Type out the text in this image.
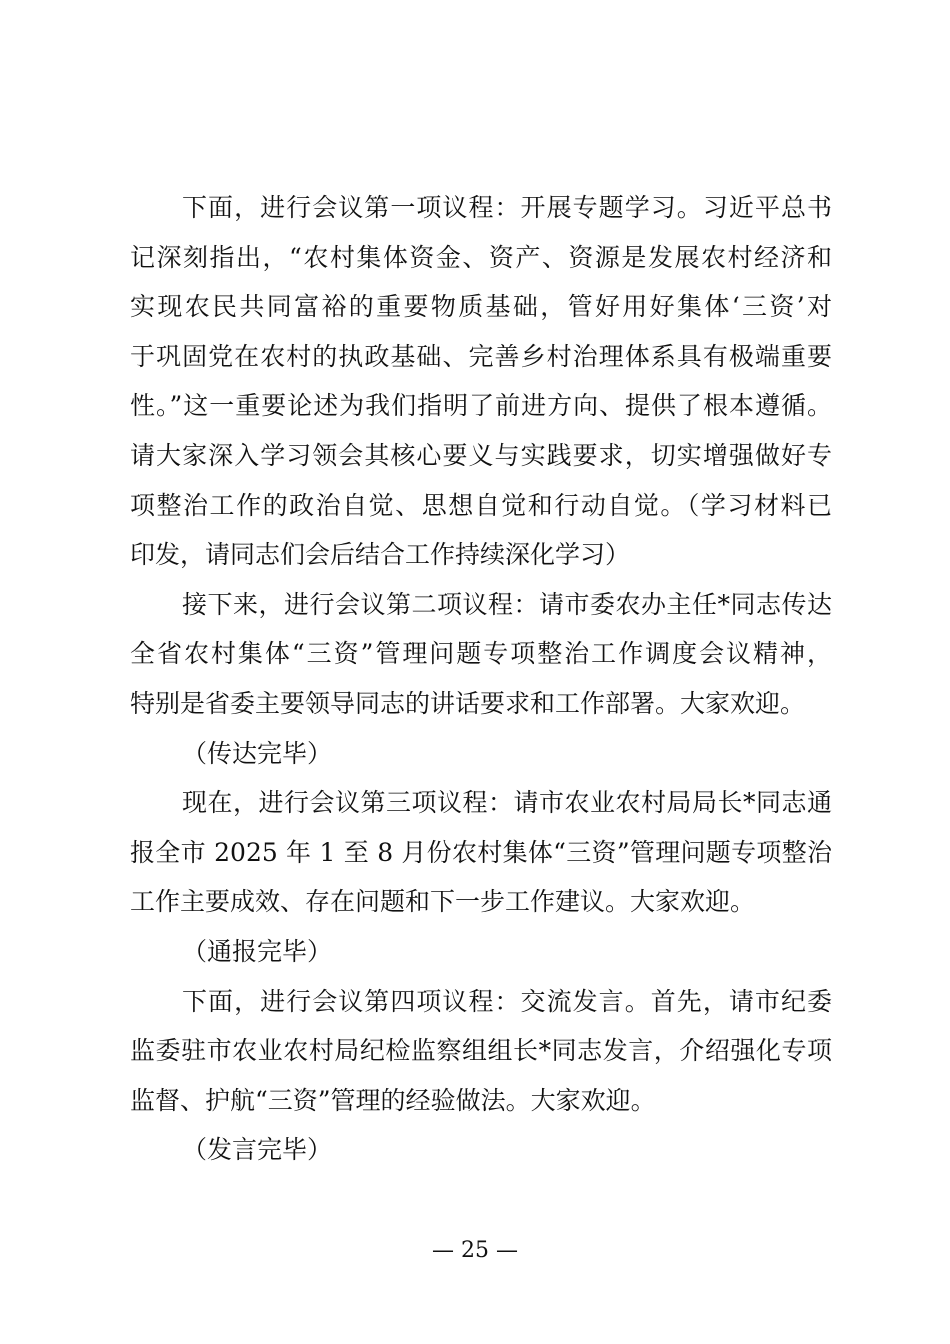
下面，进行会议第一项议程：开展专题学习。习近平总书
记深刻指出，“农村集体资金、资产、资源是发展农村经济和
实现农民共同富裕的重要物质基础，管好用好集体‘三资’对
于巩固党在农村的执政基础、完善乡村治理体系具有极端重要
性。”这一重要论述为我们指明了前进方向、提供了根本遵循。
请大家深入学习领会其核心要义与实践要求，切实增强做好专
项整治工作的政治自觉、思想自觉和行动自觉。（学习材料已
印发，请同志们会后结合工作持续深化学习）
接下来，进行会议第二项议程：请市委农办主任*同志传达
全省农村集体“三资”管理问题专项整治工作调度会议精神，
特别是省委主要领导同志的讲话要求和工作部署。大家欢迎。
（传达完毕）
现在，进行会议第三项议程：请市农业农村局局长*同志通
报全市 2025 年 1 至 8 月份农村集体“三资”管理问题专项整治
工作主要成效、存在问题和下一步工作建议。大家欢迎。
（通报完毕）
下面，进行会议第四项议程：交流发言。首先，请市纪委
监委驻市农业农村局纪检监察组组长*同志发言，介绍强化专项
监督、护航“三资”管理的经验做法。大家欢迎。
（发言完毕）
— 25 —
